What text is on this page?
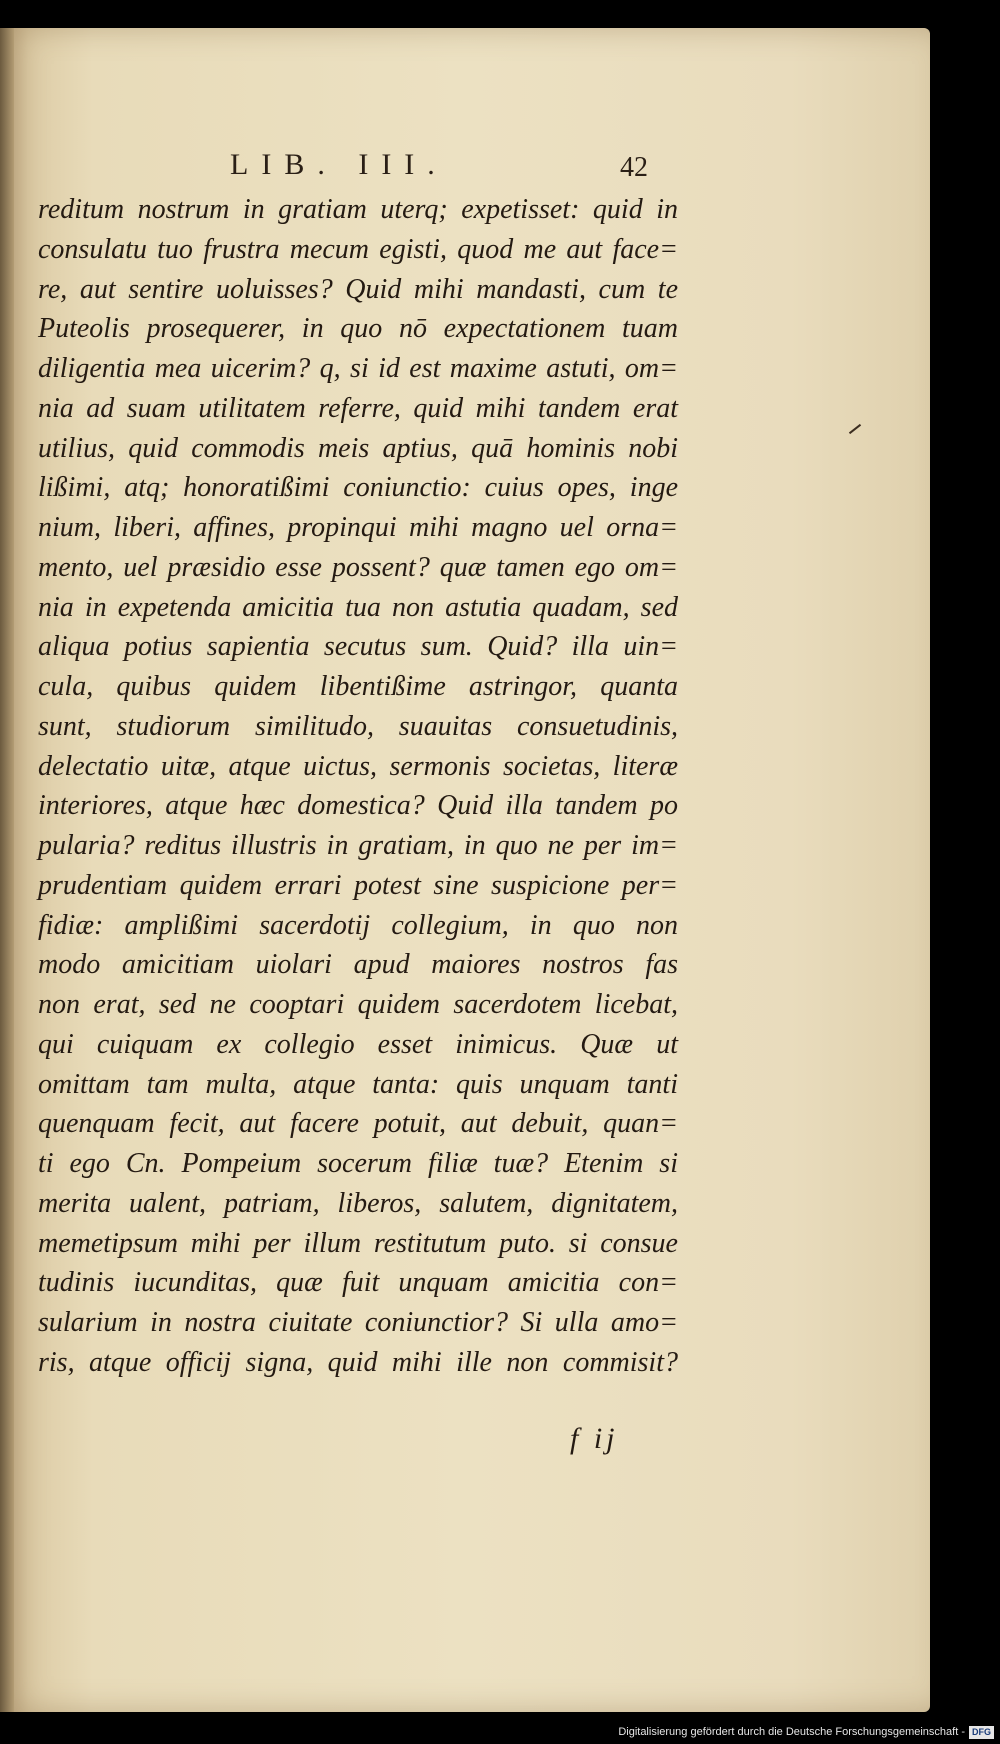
LIB. III.	42
reditum nostrum in gratiam uterq; expetisset: quid in
consulatu tuo frustra mecum egisti, quod me aut face=
re, aut sentire uoluisses? Quid mihi mandasti, cum te
Puteolis prosequerer, in quo nō expectationem tuam
diligentia mea uicerim? q, si id est maxime astuti, om=
nia ad suam utilitatem referre, quid mihi tandem erat
utilius, quid commodis meis aptius, quā hominis nobi
lißimi, atq; honoratißimi coniunctio: cuius opes, inge
nium, liberi, affines, propinqui mihi magno uel orna=
mento, uel præsidio esse possent? quæ tamen ego om=
nia in expetenda amicitia tua non astutia quadam, sed
aliqua potius sapientia secutus sum. Quid? illa uin=
cula, quibus quidem libentißime astringor, quanta
sunt, studiorum similitudo, suauitas consuetudinis,
delectatio uitæ, atque uictus, sermonis societas, literæ
interiores, atque hæc domestica? Quid illa tandem po
pularia? reditus illustris in gratiam, in quo ne per im=
prudentiam quidem errari potest sine suspicione per=
fidiæ: amplißimi sacerdotij collegium, in quo non
modo amicitiam uiolari apud maiores nostros fas
non erat, sed ne cooptari quidem sacerdotem licebat,
qui cuiquam ex collegio esset inimicus. Quæ ut
omittam tam multa, atque tanta: quis unquam tanti
quenquam fecit, aut facere potuit, aut debuit, quan=
ti ego Cn. Pompeium socerum filiæ tuæ? Etenim si
merita ualent, patriam, liberos, salutem, dignitatem,
memetipsum mihi per illum restitutum puto. si consue
tudinis iucunditas, quæ fuit unquam amicitia con=
sularium in nostra ciuitate coniunctior? Si ulla amo=
ris, atque officij signa, quid mihi ille non commisit?
f ij
Digitalisierung gefördert durch die Deutsche Forschungsgemeinschaft - DFG
